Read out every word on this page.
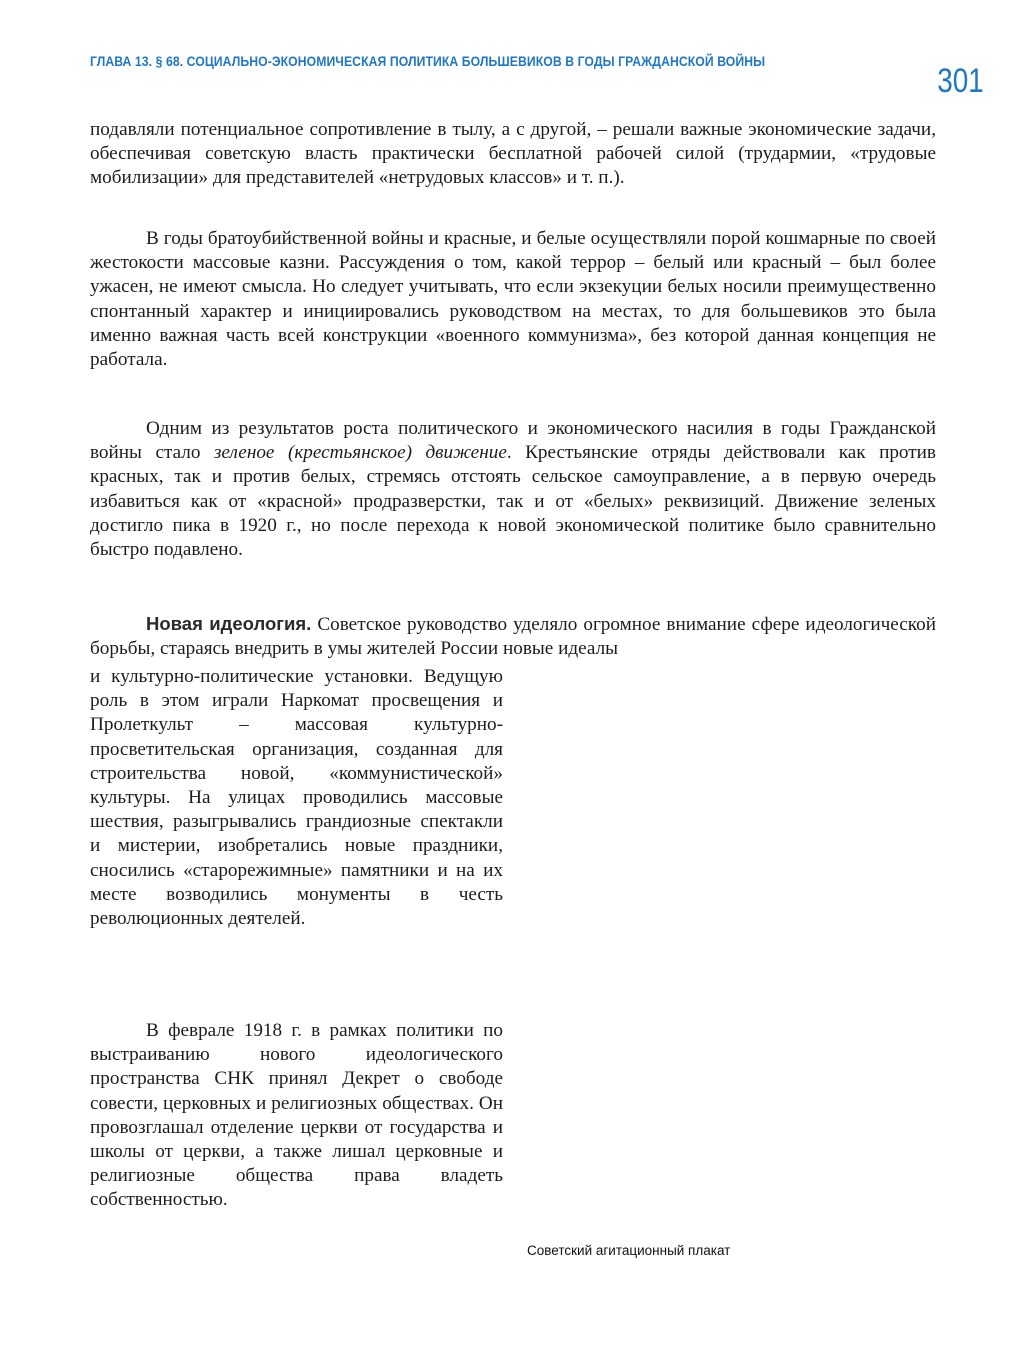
ГЛАВА 13. § 68. СОЦИАЛЬНО-ЭКОНОМИЧЕСКАЯ ПОЛИТИКА БОЛЬШЕВИКОВ В ГОДЫ ГРАЖДАНСКОЙ ВОЙНЫ	301

подавляли потенциальное сопротивление в тылу, а с другой, – решали важные экономические задачи, обеспечивая советскую власть практически бесплатной рабочей силой (трудармии, «трудовые мобилизации» для представителей «нетрудовых классов» и т. п.).

В годы братоубийственной войны и красные, и белые осуществляли порой кошмарные по своей жестокости массовые казни. Рассуждения о том, какой террор – белый или красный – был более ужасен, не имеют смысла. Но следует учитывать, что если экзекуции белых носили преимущественно спонтанный характер и инициировались руководством на местах, то для большевиков это была именно важная часть всей конструкции «военного коммунизма», без которой данная концепция не работала.

Одним из результатов роста политического и экономического насилия в годы Гражданской войны стало зеленое (крестьянское) движение. Крестьянские отряды действовали как против красных, так и против белых, стремясь отстоять сельское самоуправление, а в первую очередь избавиться как от «красной» продразверстки, так и от «белых» реквизиций. Движение зеленых достигло пика в 1920 г., но после перехода к новой экономической политике было сравнительно быстро подавлено.

Новая идеология. Советское руководство уделяло огромное внимание сфере идеологической борьбы, стараясь внедрить в умы жителей России новые идеалы

и культурно-политические установки. Ведущую роль в этом играли Наркомат просвещения и Пролеткульт – массовая культурно-просветительская организация, созданная для строительства новой, «коммунистической» культуры. На улицах проводились массовые шествия, разыгрывались грандиозные спектакли и мистерии, изобретались новые праздники, сносились «старорежимные» памятники и на их месте возводились монументы в честь революционных деятелей.

В феврале 1918 г. в рамках политики по выстраиванию нового идеологического пространства СНК принял Декрет о свободе совести, церковных и религиозных обществах. Он провозглашал отделение церкви от государства и школы от церкви, а также лишал церковные и религиозные общества права владеть собственностью.

Советский агитационный плакат
